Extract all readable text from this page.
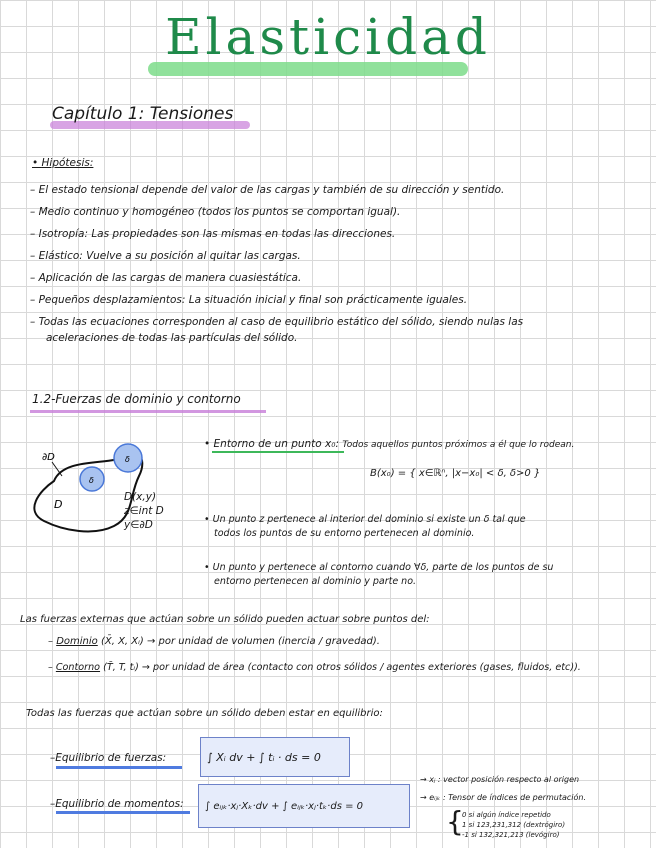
Elasticidad
Capítulo 1: Tensiones
• Hipótesis:
– El estado tensional depende del valor de las cargas y también de su dirección y sentido.
– Medio continuo y homogéneo (todos los puntos se comportan igual).
– Isotropía: Las propiedades son las mismas en todas las direcciones.
– Elástico: Vuelve a su posición al quitar las cargas.
– Aplicación de las cargas de manera cuasiestática.
– Pequeños desplazamientos: La situación inicial y final son prácticamente iguales.
– Todas las ecuaciones corresponden al caso de equilibrio estático del sólido, siendo nulas las
aceleraciones de todas las partículas del sólido.
1.2-Fuerzas de dominio y contorno
δ
δ
∂D
D
D(x,y)
z∈int D
y∈∂D
• Entorno de un punto x₀: Todos aquellos puntos próximos a él que lo rodean.
B(x₀) = { x∈ℝⁿ, |x−x₀| < δ, δ>0 }
• Un punto z pertenece al interior del dominio si existe un δ tal que
todos los puntos de su entorno pertenecen al dominio.
• Un punto y pertenece al contorno cuando ∀δ, parte de los puntos de su
entorno pertenecen al dominio y parte no.
Las fuerzas externas que actúan sobre un sólido pueden actuar sobre puntos del:
– Dominio (X̄, X, Xᵢ) → por unidad de volumen (inercia / gravedad).
– Contorno (T̄, T, tᵢ) → por unidad de área (contacto con otros sólidos / agentes exteriores (gases, fluidos, etc)).
Todas las fuerzas que actúan sobre un sólido deben estar en equilibrio:
–Equilibrio de fuerzas:	∫ Xᵢ dv + ∫ tᵢ · ds = 0
–Equilibrio de momentos:	∫ eᵢⱼₖ·xⱼ·Xₖ·dv + ∫ eᵢⱼₖ·xⱼ·tₖ·ds = 0
→ xⱼ : vector posición respecto al origen
→ eᵢⱼₖ : Tensor de índices de permutación.
{
0 si algún índice repetido
1 si 123,231,312 (dextrógiro)
-1 si 132,321,213 (levógiro)
